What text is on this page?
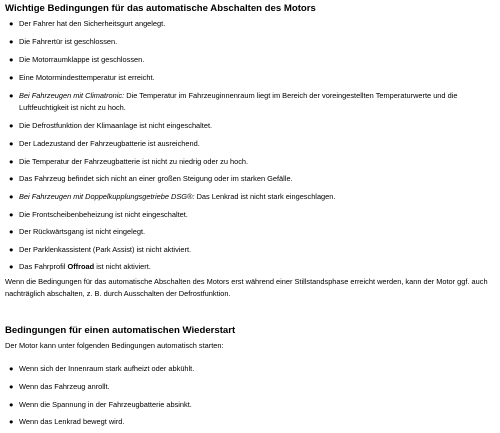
Wichtige Bedingungen für das automatische Abschalten des Motors
● Der Fahrer hat den Sicherheitsgurt angelegt.
● Die Fahrertür ist geschlossen.
● Die Motorraumklappe ist geschlossen.
● Eine Motormindesttemperatur ist erreicht.
● Bei Fahrzeugen mit Climatronic: Die Temperatur im Fahrzeuginnenraum liegt im Bereich der voreingestellten Temperaturwerte und die Luftfeuchtigkeit ist nicht zu hoch.
● Die Defrostfunktion der Klimaanlage ist nicht eingeschaltet.
● Der Ladezustand der Fahrzeugbatterie ist ausreichend.
● Die Temperatur der Fahrzeugbatterie ist nicht zu niedrig oder zu hoch.
● Das Fahrzeug befindet sich nicht an einer großen Steigung oder im starken Gefälle.
● Bei Fahrzeugen mit Doppelkupplungsgetriebe DSG®: Das Lenkrad ist nicht stark eingeschlagen.
● Die Frontscheibenbeheizung ist nicht eingeschaltet.
● Der Rückwärtsgang ist nicht eingelegt.
● Der Parklenkassistent (Park Assist) ist nicht aktiviert.
● Das Fahrprofil Offroad ist nicht aktiviert.
Wenn die Bedingungen für das automatische Abschalten des Motors erst während einer Stillstandsphase erreicht werden, kann der Motor ggf. auch nachträglich abschalten, z. B. durch Ausschalten der Defrostfunktion.
Bedingungen für einen automatischen Wiederstart
Der Motor kann unter folgenden Bedingungen automatisch starten:
● Wenn sich der Innenraum stark aufheizt oder abkühlt.
● Wenn das Fahrzeug anrollt.
● Wenn die Spannung in der Fahrzeugbatterie absinkt.
● Wenn das Lenkrad bewegt wird.
